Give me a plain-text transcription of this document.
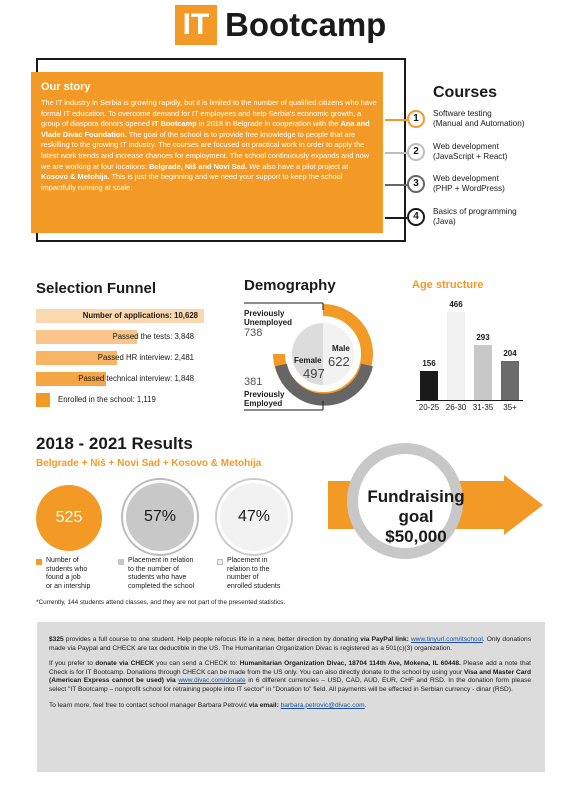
IT Bootcamp
Our story
The IT industry in Serbia is growing rapidly, but it is limited to the number of qualified citizens who have formal IT education. To overcome demand for IT employees and help Serbia's economic growth, a group of diaspora donors opened IT Bootcamp in 2018 in Belgrade in cooperation with the Ana and Vlade Divac Foundation. The goal of the school is to provide free knowledge to people that are reskilling to the growing IT industry. The courses are focused on practical work in order to apply the latest work trends and increase chances for employment. The school continuously expands and now we are working at four locations: Belgrade, Niš and Novi Sad. We also have a pilot project at Kosovo & Metohija. This is just the beginning and we need your support to keep the school impactfully running at scale.
Courses
1	Software testing
(Manual and Automation)
2	Web development
(JavaScript + React)
3	Web development
(PHP + WordPress)
4	Basics of programming
(Java)
Selection Funnel
Number of applications: 10,628
Passed the tests: 3,848
Passed HR interview: 2,481
Passed technical interview: 1,848
Enrolled in the school: 1,119
Demography
Previously
Unemployed
738
381
Previously
Employed
Female
497
Male
622
Age structure
156
20-25
466
26-30
293
31-35
204
35+
2018 - 2021 Results
Belgrade + Niš + Novi Sad + Kosovo & Metohija
525	57%	47%
Number of
students who
found a job
or an intership
Placement in relation
to the number of
students who have
completed the school
Placement in
relation to the
number of
enrolled students
*Currently, 144 students attend classes, and they are not part of the presented statistics.
Fundraising
goal
$50,000

$325 provides a full course to one student. Help people refocus life in a new, better direction by donating via PayPal link: www.tinyurl.com/itschool. Only donations made via Paypal and CHECK are tax deductible in the US. The Humanitarian Organization Divac is registered as a 501(c)(3) organization.

If you prefer to donate via CHECK you can send a CHECK to: Humanitarian Organization Divac, 18704 114th Ave, Mokena, IL 60448. Please add a note that Check is for IT Bootcamp. Donations through CHECK can be made from the US only. You can also directly donate to the school by using your Visa and Master Card (American Express cannot be used) via www.divac.com/donate in 6 different currencies – USD, CAD, AUD, EUR, CHF and RSD. In the donation form please select "IT Bootcamp – nonprofit school for retraining people into IT sector" in "Donation to" field. All payments will be effected in Serbian currency - dinar (RSD).

To learn more, feel free to contact school manager Barbara Petrović via email: barbara.petrovic@divac.com.
